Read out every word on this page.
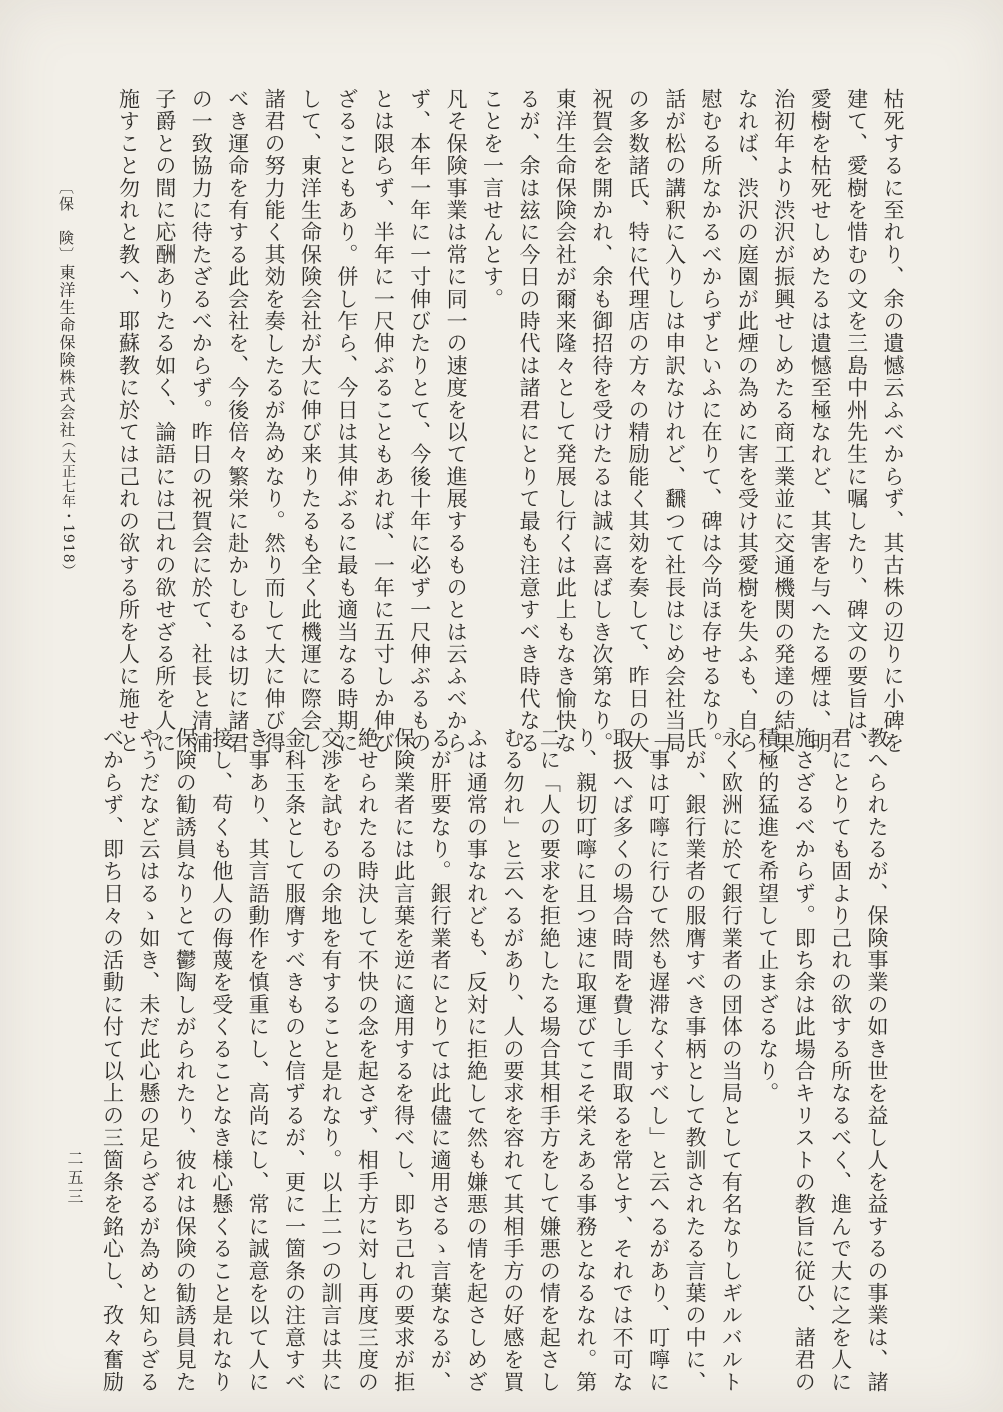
枯死するに至れり、余の遺憾云ふべからず、其古株の辺りに小碑を

建て、愛樹を惜むの文を三島中州先生に嘱したり、碑文の要旨は、

愛樹を枯死せしめたるは遺憾至極なれど、其害を与へたる煙は、明

治初年より渋沢が振興せしめたる商工業並に交通機関の発達の結果

なれば、渋沢の庭園が此煙の為めに害を受け其愛樹を失ふも、自ら

慰むる所なかるべからずといふに在りて、碑は今尚ほ存せるなり。

話が松の講釈に入りしは申訳なけれど、飜つて社長はじめ会社当局

の多数諸氏、特に代理店の方々の精励能く其効を奏して、昨日の大

祝賀会を開かれ、余も御招待を受けたるは誠に喜ばしき次第なり。

東洋生命保険会社が爾来隆々として発展し行くは此上もなき愉快な

るが、余は玆に今日の時代は諸君にとりて最も注意すべき時代なる

ことを一言せんとす。

凡そ保険事業は常に同一の速度を以て進展するものとは云ふべから

ず、本年一年に一寸伸びたりとて、今後十年に必ず一尺伸ぶるもの

とは限らず、半年に一尺伸ぶることもあれば、一年に五寸しか伸び

ざることもあり。併し乍ら、今日は其伸ぶるに最も適当なる時期に

して、東洋生命保険会社が大に伸び来りたるも全く此機運に際会し

諸君の努力能く其効を奏したるが為めなり。然り而して大に伸び得

べき運命を有する此会社を、今後倍々繁栄に赴かしむるは切に諸君

の一致協力に待たざるべからず。昨日の祝賀会に於て、社長と清浦

子爵との間に応酬ありたる如く、論語には己れの欲せざる所を人に

施すこと勿れと教へ、耶蘇教に於ては己れの欲する所を人に施せと

教へられたるが、保険事業の如き世を益し人を益するの事業は、諸

君にとりても固より己れの欲する所なるべく、進んで大に之を人に

施さざるべからず。即ち余は此場合キリストの教旨に従ひ、諸君の

積極的猛進を希望して止まざるなり。

永く欧洲に於て銀行業者の団体の当局として有名なりしギルバルト

氏が、銀行業者の服膺すべき事柄として教訓されたる言葉の中に、

「事は叮嚀に行ひて然も遅滞なくすべし」と云へるがあり、叮嚀に

取扱へば多くの場合時間を費し手間取るを常とす、それでは不可な

り、親切叮嚀に且つ速に取運びてこそ栄えある事務となるなれ。第

二に「人の要求を拒絶したる場合其相手方をして嫌悪の情を起さし

むる勿れ」と云へるがあり、人の要求を容れて其相手方の好感を買

ふは通常の事なれども、反対に拒絶して然も嫌悪の情を起さしめざ

るが肝要なり。銀行業者にとりては此儘に適用さるゝ言葉なるが、

保険業者には此言葉を逆に適用するを得べし、即ち己れの要求が拒

絶せられたる時決して不快の念を起さず、相手方に対し再度三度の

交渉を試むるの余地を有すること是れなり。以上二つの訓言は共に

金科玉条として服膺すべきものと信ずるが、更に一箇条の注意すべ

き事あり、其言語動作を慎重にし、高尚にし、常に誠意を以て人に

接し、苟くも他人の侮蔑を受くることなき様心懸くること是れなり

保険の勧誘員なりとて鬱陶しがられたり、彼れは保険の勧誘員見た

やうだなど云はるゝ如き、未だ此心懸の足らざるが為めと知らざる

べからず、即ち日々の活動に付て以上の三箇条を銘心し、孜々奮励

〔保　険〕
東洋生命保険株式会社
（大正七年・1918）
二五三
